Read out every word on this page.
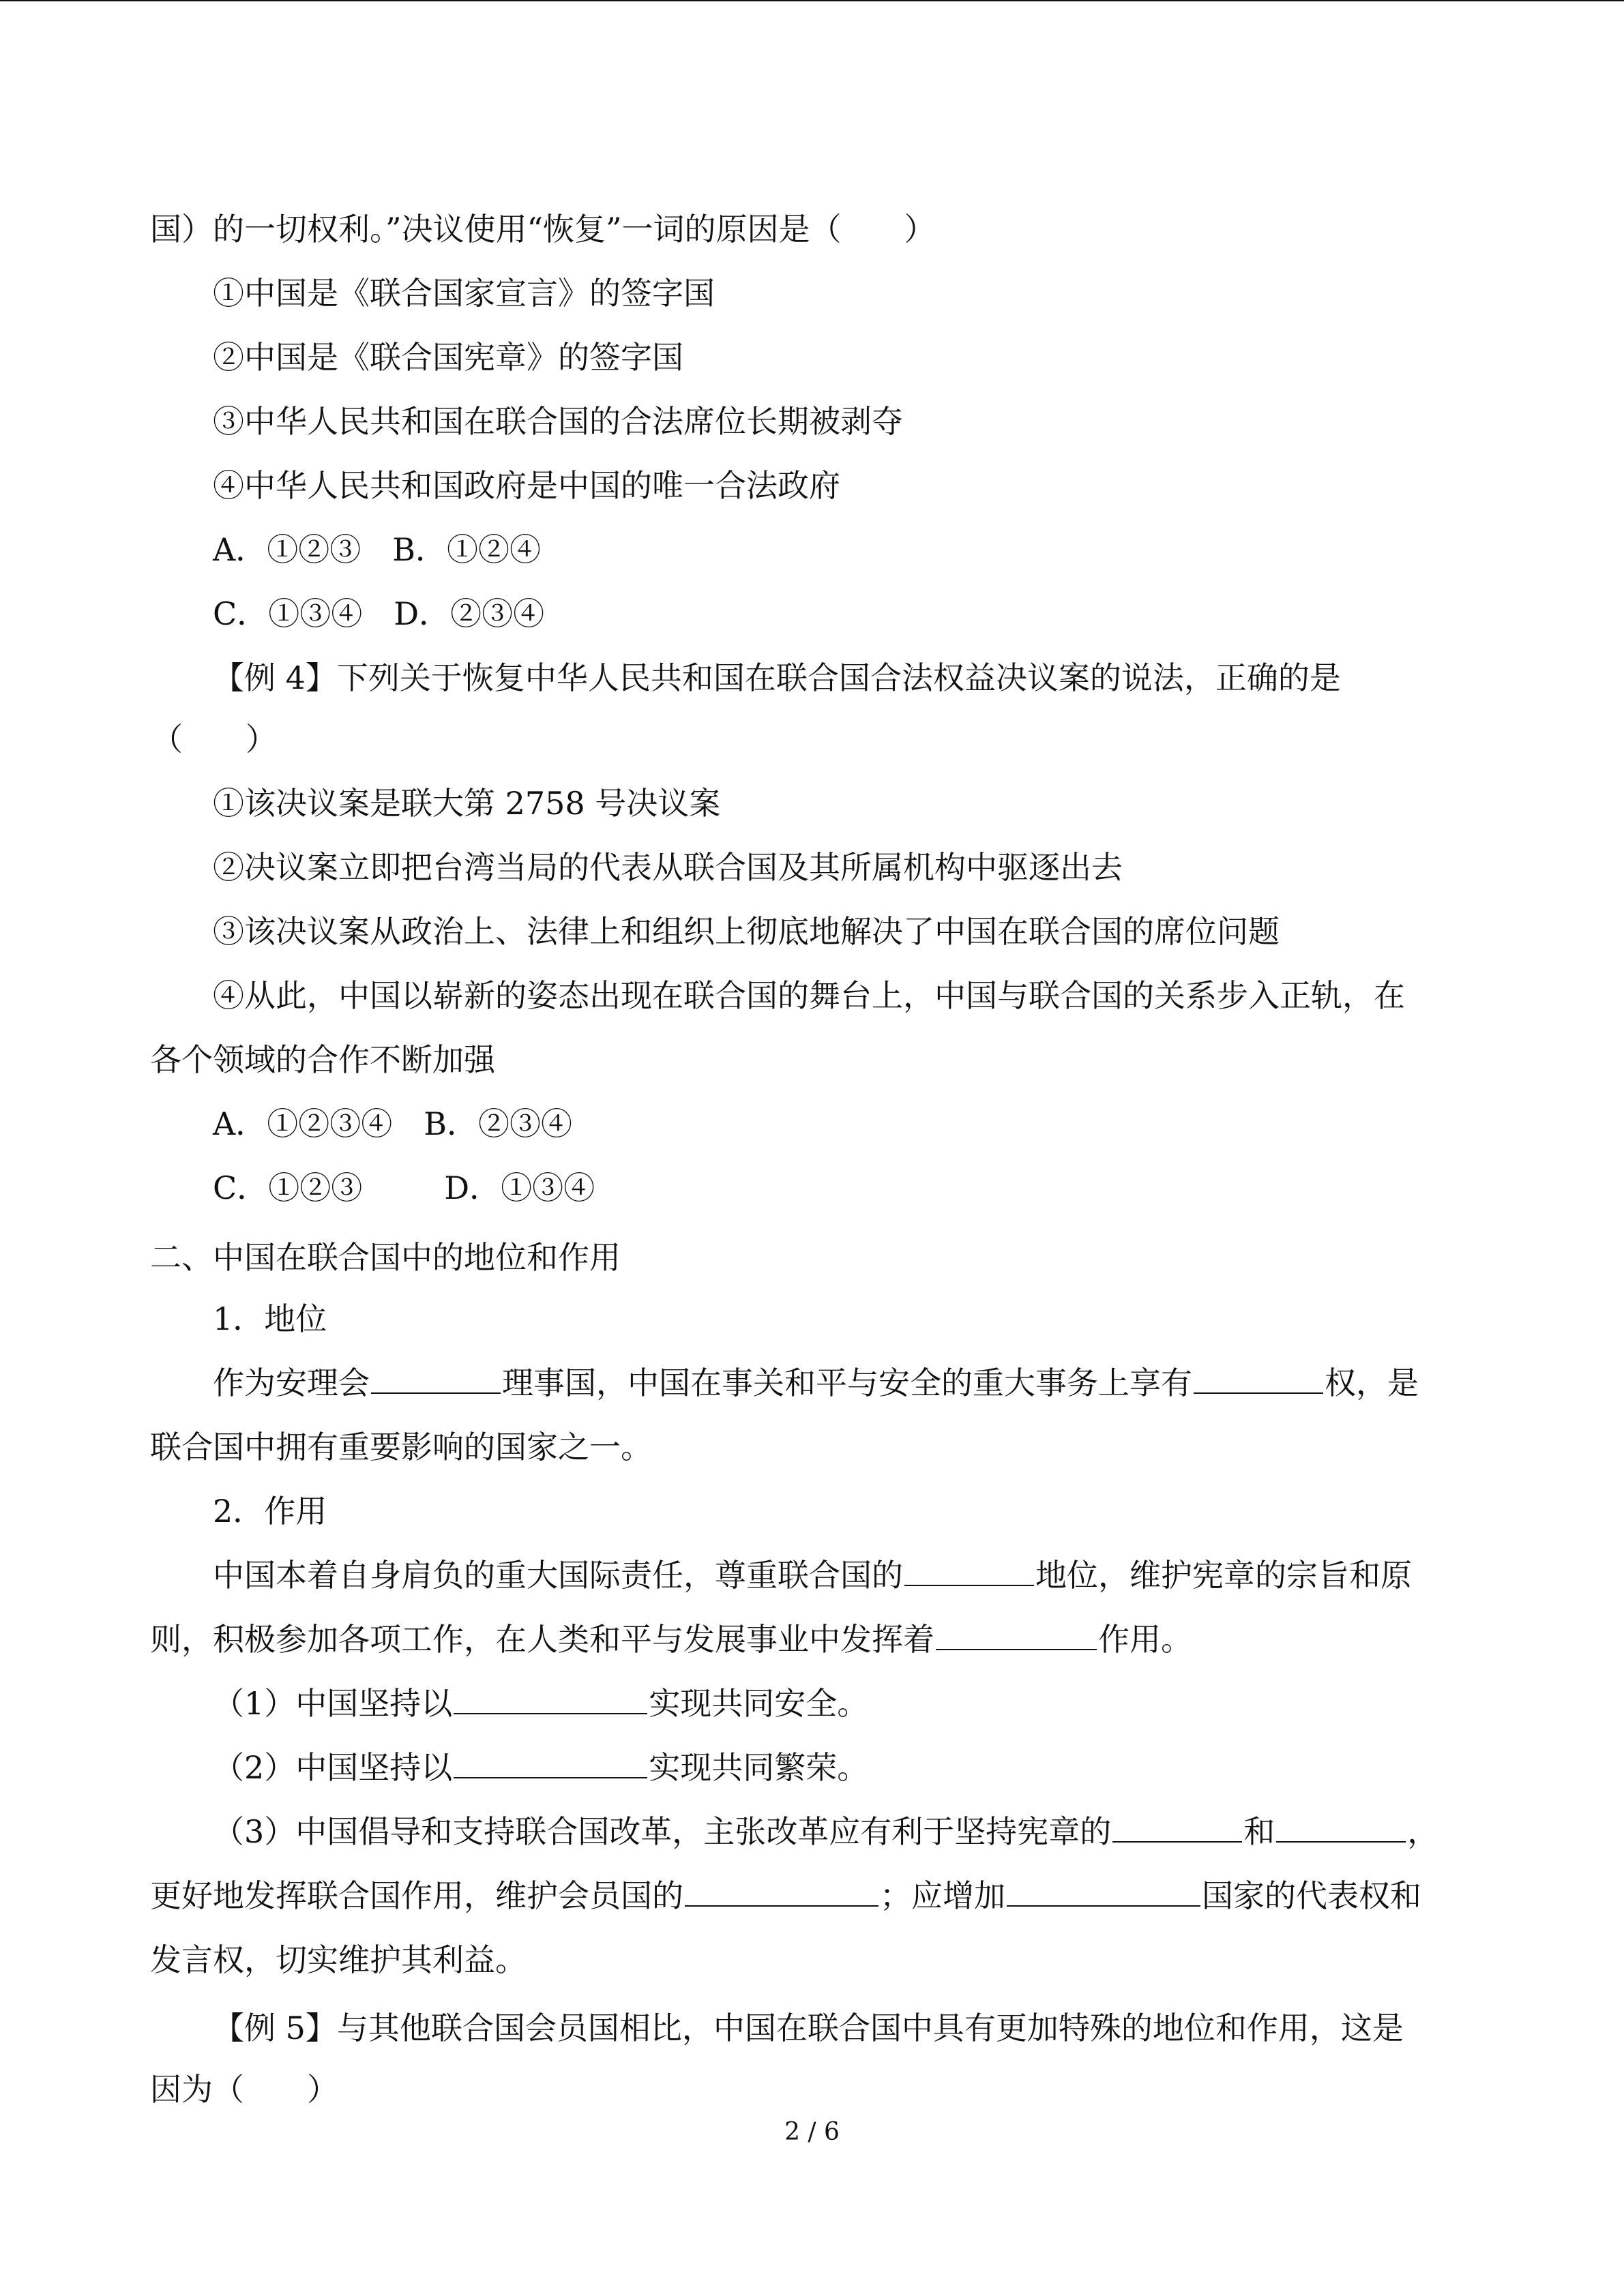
国）的一切权利。”决议使用“恢复”一词的原因是（　　）
①中国是《联合国家宣言》的签字国
②中国是《联合国宪章》的签字国
③中华人民共和国在联合国的合法席位长期被剥夺
④中华人民共和国政府是中国的唯一合法政府
A．①②③ B．①②④
C．①③④ D．②③④
【例 4】下列关于恢复中华人民共和国在联合国合法权益决议案的说法，正确的是
（　　）
①该决议案是联大第 2758 号决议案
②决议案立即把台湾当局的代表从联合国及其所属机构中驱逐出去
③该决议案从政治上、法律上和组织上彻底地解决了中国在联合国的席位问题
④从此，中国以崭新的姿态出现在联合国的舞台上，中国与联合国的关系步入正轨，在
各个领域的合作不断加强
A．①②③④ B．②③④
C．①②③	D．①③④
二、中国在联合国中的地位和作用
1．地位
作为安理会	理事国，中国在事关和平与安全的重大事务上享有	权，是
联合国中拥有重要影响的国家之一。
2．作用
中国本着自身肩负的重大国际责任，尊重联合国的	地位，维护宪章的宗旨和原
则，积极参加各项工作，在人类和平与发展事业中发挥着	作用。
（1）中国坚持以	实现共同安全。
（2）中国坚持以	实现共同繁荣。
（3）中国倡导和支持联合国改革，主张改革应有利于坚持宪章的	和	，
更好地发挥联合国作用，维护会员国的	；应增加	国家的代表权和
发言权，切实维护其利益。
【例 5】与其他联合国会员国相比，中国在联合国中具有更加特殊的地位和作用，这是
因为（　　）
2 / 6
